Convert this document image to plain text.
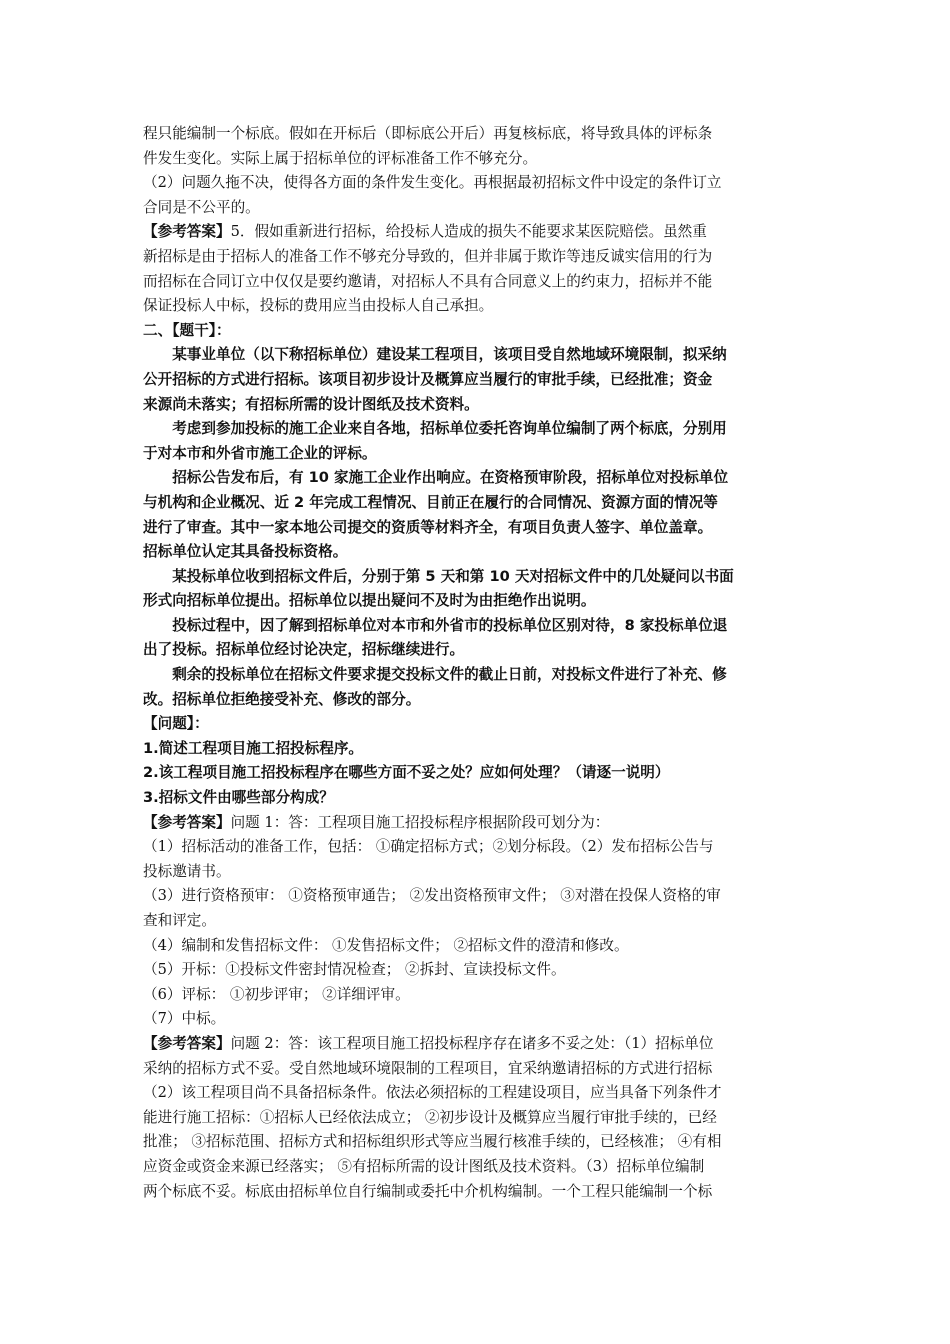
程只能编制一个标底。假如在开标后（即标底公开后）再复核标底，将导致具体的评标条
件发生变化。实际上属于招标单位的评标准备工作不够充分。
（2）问题久拖不决，使得各方面的条件发生变化。再根据最初招标文件中设定的条件订立
合同是不公平的。
【参考答案】5．假如重新进行招标，给投标人造成的损失不能要求某医院赔偿。虽然重
新招标是由于招标人的准备工作不够充分导致的，但并非属于欺诈等违反诚实信用的行为
而招标在合同订立中仅仅是要约邀请，对招标人不具有合同意义上的约束力，招标并不能
保证投标人中标，投标的费用应当由投标人自己承担。
二、【题干】：
　　某事业单位（以下称招标单位）建设某工程项目，该项目受自然地域环境限制，拟采纳
公开招标的方式进行招标。该项目初步设计及概算应当履行的审批手续，已经批准；资金
来源尚未落实；有招标所需的设计图纸及技术资料。
　　考虑到参加投标的施工企业来自各地，招标单位委托咨询单位编制了两个标底，分别用
于对本市和外省市施工企业的评标。
　　招标公告发布后，有 10 家施工企业作出响应。在资格预审阶段，招标单位对投标单位
与机构和企业概况、近 2 年完成工程情况、目前正在履行的合同情况、资源方面的情况等
进行了审查。其中一家本地公司提交的资质等材料齐全，有项目负责人签字、单位盖章。
招标单位认定其具备投标资格。
　　某投标单位收到招标文件后，分别于第 5 天和第 10 天对招标文件中的几处疑问以书面
形式向招标单位提出。招标单位以提出疑问不及时为由拒绝作出说明。
　　投标过程中，因了解到招标单位对本市和外省市的投标单位区别对待，8 家投标单位退
出了投标。招标单位经讨论决定，招标继续进行。
　　剩余的投标单位在招标文件要求提交投标文件的截止日前，对投标文件进行了补充、修
改。招标单位拒绝接受补充、修改的部分。
【问题】：
1.简述工程项目施工招投标程序。
2.该工程项目施工招投标程序在哪些方面不妥之处？应如何处理？（请逐一说明）
3.招标文件由哪些部分构成？
【参考答案】问题 1：答：工程项目施工招投标程序根据阶段可划分为：
（1）招标活动的准备工作，包括： ①确定招标方式；②划分标段。（2）发布招标公告与
投标邀请书。
（3）进行资格预审： ①资格预审通告； ②发出资格预审文件； ③对潜在投保人资格的审
查和评定。
（4）编制和发售招标文件： ①发售招标文件； ②招标文件的澄清和修改。
（5）开标：①投标文件密封情况检查； ②拆封、宣读投标文件。
（6）评标： ①初步评审； ②详细评审。
（7）中标。
【参考答案】问题 2：答：该工程项目施工招投标程序存在诸多不妥之处：（1）招标单位
采纳的招标方式不妥。受自然地域环境限制的工程项目，宜采纳邀请招标的方式进行招标
（2）该工程项目尚不具备招标条件。依法必须招标的工程建设项目，应当具备下列条件才
能进行施工招标：①招标人已经依法成立； ②初步设计及概算应当履行审批手续的，已经
批准； ③招标范围、招标方式和招标组织形式等应当履行核准手续的，已经核准； ④有相
应资金或资金来源已经落实； ⑤有招标所需的设计图纸及技术资料。（3）招标单位编制
两个标底不妥。标底由招标单位自行编制或委托中介机构编制。一个工程只能编制一个标
